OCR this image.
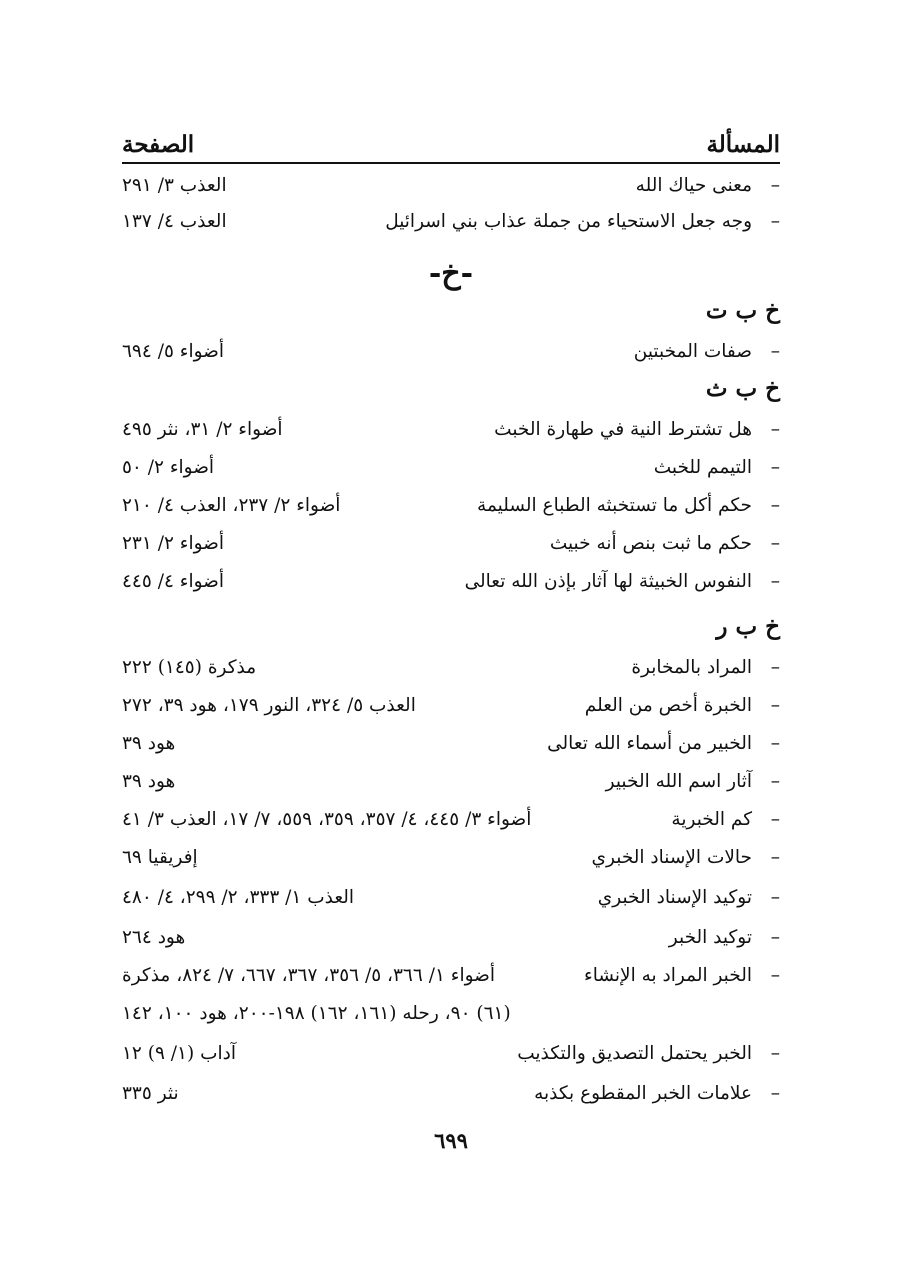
المسألة
الصفحة
–
معنى حياك الله
العذب ٣/ ٢٩١
–
وجه جعل الاستحياء من جملة عذاب بني اسرائيل
العذب ٤/ ١٣٧
-خ-
خ ب ت
–
صفات المخبتين
أضواء ٥/ ٦٩٤
خ ب ث
–
هل تشترط النية في طهارة الخبث
أضواء ٢/ ٣١، نثر ٤٩٥
–
التيمم للخبث
أضواء ٢/ ٥٠
–
حكم أكل ما تستخبثه الطباع السليمة
أضواء ٢/ ٢٣٧، العذب ٤/ ٢١٠
–
حكم ما ثبت بنص أنه خبيث
أضواء ٢/ ٢٣١
–
النفوس الخبيثة لها آثار بإذن الله تعالى
أضواء ٤/ ٤٤٥
خ ب ر
–
المراد بالمخابرة
مذكرة (١٤٥) ٢٢٢
–
الخبرة أخص من العلم
العذب ٥/ ٣٢٤، النور ١٧٩، هود ٣٩، ٢٧٢
–
الخبير من أسماء الله تعالى
هود ٣٩
–
آثار اسم الله الخبير
هود ٣٩
–
كم الخبرية
أضواء ٣/ ٤٤٥، ٤/ ٣٥٧، ٣٥٩، ٥٥٩، ٧/ ١٧، العذب ٣/ ٤١
–
حالات الإسناد الخبري
إفريقيا ٦٩
–
توكيد الإسناد الخبري
العذب ١/ ٣٣٣، ٢/ ٢٩٩، ٤/ ٤٨٠
–
توكيد الخبر
هود ٢٦٤
–
الخبر المراد به الإنشاء
أضواء ١/ ٣٦٦، ٥/ ٣٥٦، ٣٦٧، ٦٦٧، ٧/ ٨٢٤، مذكرة
(٦١) ٩٠، رحله (١٦١، ١٦٢) ١٩٨-٢٠٠، هود ١٠٠، ١٤٢
–
الخبر يحتمل التصديق والتكذيب
آداب (١/ ٩) ١٢
–
علامات الخبر المقطوع بكذبه
نثر ٣٣٥
٦٩٩
